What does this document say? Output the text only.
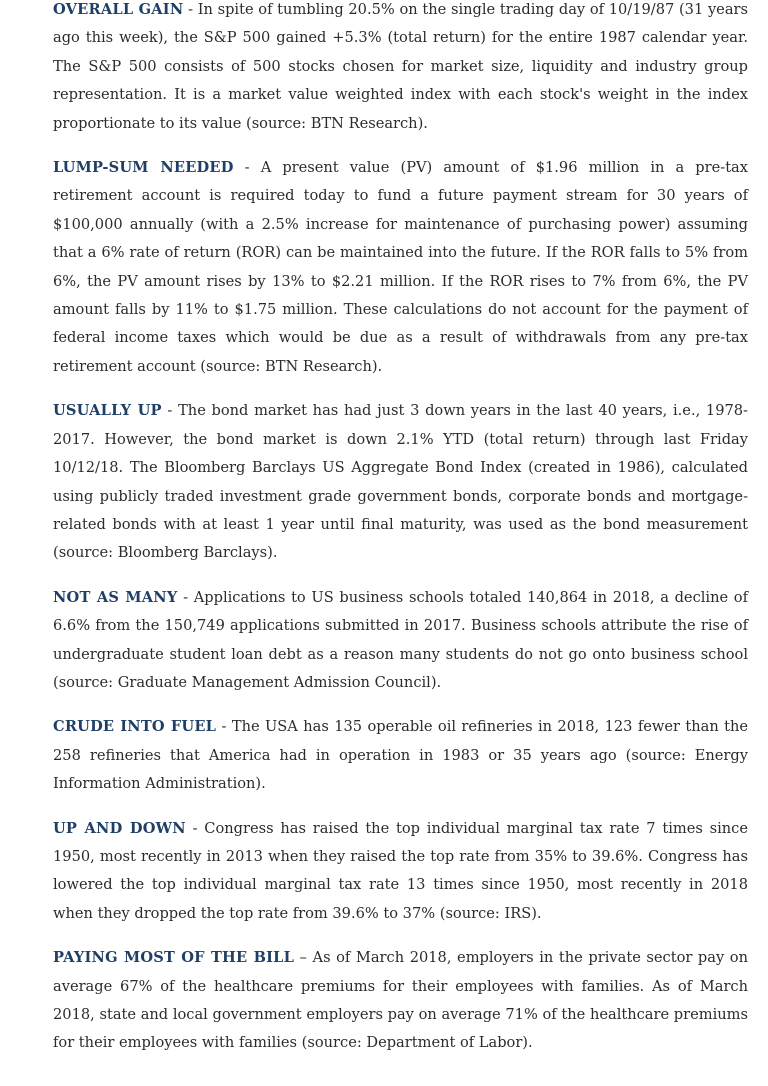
OVERALL GAIN - In spite of tumbling 20.5% on the single trading day of 10/19/87 (31 years ago this week), the S&P 500 gained +5.3% (total return) for the entire 1987 calendar year. The S&P 500 consists of 500 stocks chosen for market size, liquidity and industry group representation. It is a market value weighted index with each stock's weight in the index proportionate to its value (source: BTN Research).

LUMP-SUM NEEDED - A present value (PV) amount of $1.96 million in a pre-tax retirement account is required today to fund a future payment stream for 30 years of $100,000 annually (with a 2.5% increase for maintenance of purchasing power) assuming that a 6% rate of return (ROR) can be maintained into the future. If the ROR falls to 5% from 6%, the PV amount rises by 13% to $2.21 million. If the ROR rises to 7% from 6%, the PV amount falls by 11% to $1.75 million. These calculations do not account for the payment of federal income taxes which would be due as a result of withdrawals from any pre-tax retirement account (source: BTN Research).

USUALLY UP - The bond market has had just 3 down years in the last 40 years, i.e., 1978-2017. However, the bond market is down 2.1% YTD (total return) through last Friday 10/12/18. The Bloomberg Barclays US Aggregate Bond Index (created in 1986), calculated using publicly traded investment grade government bonds, corporate bonds and mortgage-related bonds with at least 1 year until final maturity, was used as the bond measurement (source: Bloomberg Barclays).

NOT AS MANY - Applications to US business schools totaled 140,864 in 2018, a decline of 6.6% from the 150,749 applications submitted in 2017. Business schools attribute the rise of undergraduate student loan debt as a reason many students do not go onto business school (source: Graduate Management Admission Council).

CRUDE INTO FUEL - The USA has 135 operable oil refineries in 2018, 123 fewer than the 258 refineries that America had in operation in 1983 or 35 years ago (source: Energy Information Administration).

UP AND DOWN - Congress has raised the top individual marginal tax rate 7 times since 1950, most recently in 2013 when they raised the top rate from 35% to 39.6%. Congress has lowered the top individual marginal tax rate 13 times since 1950, most recently in 2018 when they dropped the top rate from 39.6% to 37% (source: IRS).

PAYING MOST OF THE BILL – As of March 2018, employers in the private sector pay on average 67% of the healthcare premiums for their employees with families. As of March 2018, state and local government employers pay on average 71% of the healthcare premiums for their employees with families (source: Department of Labor).
